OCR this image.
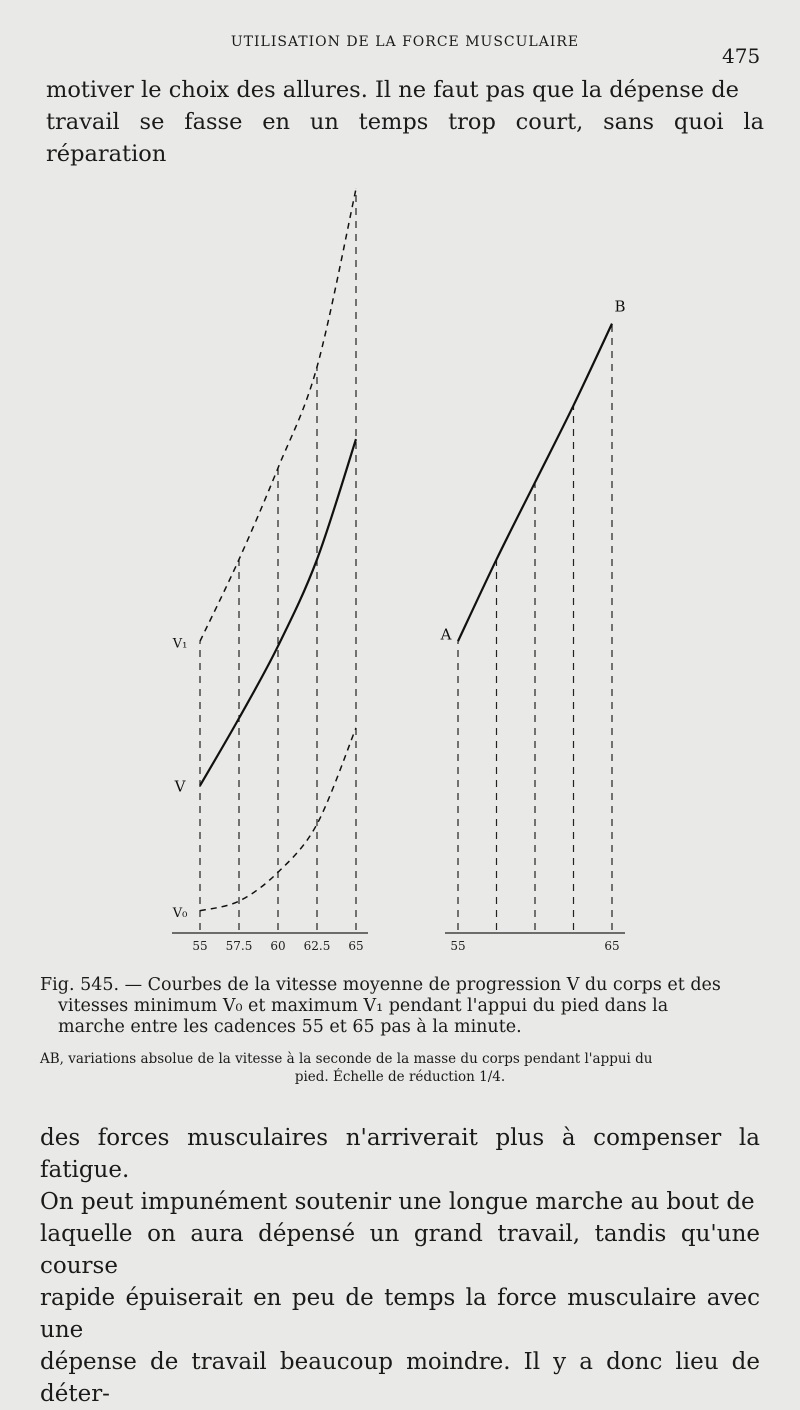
UTILISATION DE LA FORCE MUSCULAIRE
475
motiver le choix des allures. Il ne faut pas que la dépense de
travail se fasse en un temps trop court, sans quoi la réparation
55 57.5 60 62.5 65
V₁
V
V₀
55	65
A
B
Fig. 545. — Courbes de la vitesse moyenne de progression V du corps et des
vitesses minimum V₀ et maximum V₁ pendant l'appui du pied dans la
marche entre les cadences 55 et 65 pas à la minute.
AB, variations absolue de la vitesse à la seconde de la masse du corps pendant l'appui du
pied. Échelle de réduction 1/4.
des forces musculaires n'arriverait plus à compenser la fatigue.
On peut impunément soutenir une longue marche au bout de
laquelle on aura dépensé un grand travail, tandis qu'une course
rapide épuiserait en peu de temps la force musculaire avec une
dépense de travail beaucoup moindre. Il y a donc lieu de déter-
